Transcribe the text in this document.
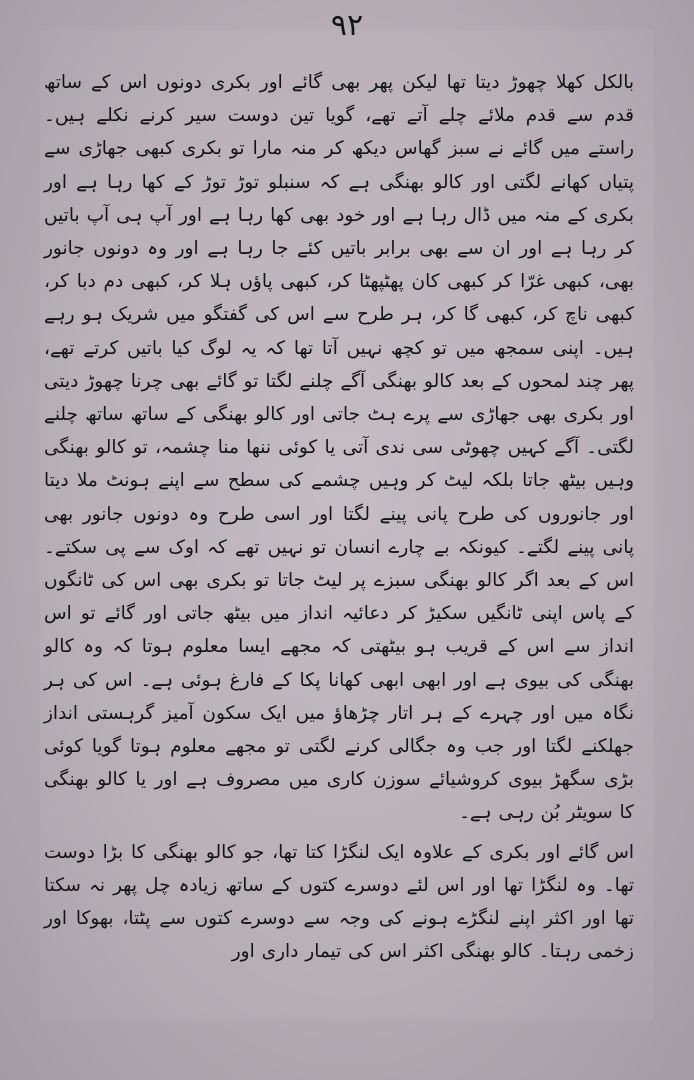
۹۲

بالکل کھلا چھوڑ دیتا تھا لیکن پھر بھی گائے اور بکری دونوں اس کے ساتھ قدم سے قدم ملائے چلے آتے تھے، گویا تین دوست سیر کرنے نکلے ہیں۔ راستے میں گائے نے سبز گھاس دیکھ کر منہ مارا تو بکری کبھی جھاڑی سے پتیاں کھانے لگتی اور کالو بھنگی ہے کہ سنبلو توڑ توڑ کے کھا رہا ہے اور بکری کے منہ میں ڈال رہا ہے اور خود بھی کھا رہا ہے اور آپ ہی آپ باتیں کر رہا ہے اور ان سے بھی برابر باتیں کئے جا رہا ہے اور وہ دونوں جانور بھی، کبھی غرّا کر کبھی کان پھٹپھٹا کر، کبھی پاؤں ہلا کر، کبھی دم دبا کر، کبھی ناچ کر، کبھی گا کر، ہر طرح سے اس کی گفتگو میں شریک ہو رہے ہیں۔ اپنی سمجھ میں تو کچھ نہیں آتا تھا کہ یہ لوگ کیا باتیں کرتے تھے، پھر چند لمحوں کے بعد کالو بھنگی آگے چلنے لگتا تو گائے بھی چرنا چھوڑ دیتی اور بکری بھی جھاڑی سے پرے ہٹ جاتی اور کالو بھنگی کے ساتھ ساتھ چلنے لگتی۔ آگے کہیں چھوٹی سی ندی آتی یا کوئی ننھا منا چشمہ، تو کالو بھنگی وہیں بیٹھ جاتا بلکہ لیٹ کر وہیں چشمے کی سطح سے اپنے ہونٹ ملا دیتا اور جانوروں کی طرح پانی پینے لگتا اور اسی طرح وہ دونوں جانور بھی پانی پینے لگتے۔ کیونکہ بے چارے انسان تو نہیں تھے کہ اوک سے پی سکتے۔ اس کے بعد اگر کالو بھنگی سبزے پر لیٹ جاتا تو بکری بھی اس کی ٹانگوں کے پاس اپنی ٹانگیں سکیڑ کر دعائیہ انداز میں بیٹھ جاتی اور گائے تو اس انداز سے اس کے قریب ہو بیٹھتی کہ مجھے ایسا معلوم ہوتا کہ وہ کالو بھنگی کی بیوی ہے اور ابھی ابھی کھانا پکا کے فارغ ہوئی ہے۔ اس کی ہر نگاہ میں اور چہرے کے ہر اتار چڑھاؤ میں ایک سکون آمیز گرہستی انداز جھلکنے لگتا اور جب وہ جگالی کرنے لگتی تو مجھے معلوم ہوتا گویا کوئی بڑی سگھڑ بیوی کروشیائے سوزن کاری میں مصروف ہے اور یا کالو بھنگی کا سویٹر بُن رہی ہے۔

اس گائے اور بکری کے علاوہ ایک لنگڑا کتا تھا، جو کالو بھنگی کا بڑا دوست تھا۔ وہ لنگڑا تھا اور اس لئے دوسرے کتوں کے ساتھ زیادہ چل پھر نہ سکتا تھا اور اکثر اپنے لنگڑے ہونے کی وجہ سے دوسرے کتوں سے پٹتا، بھوکا اور زخمی رہتا۔ کالو بھنگی اکثر اس کی تیمار داری اور
